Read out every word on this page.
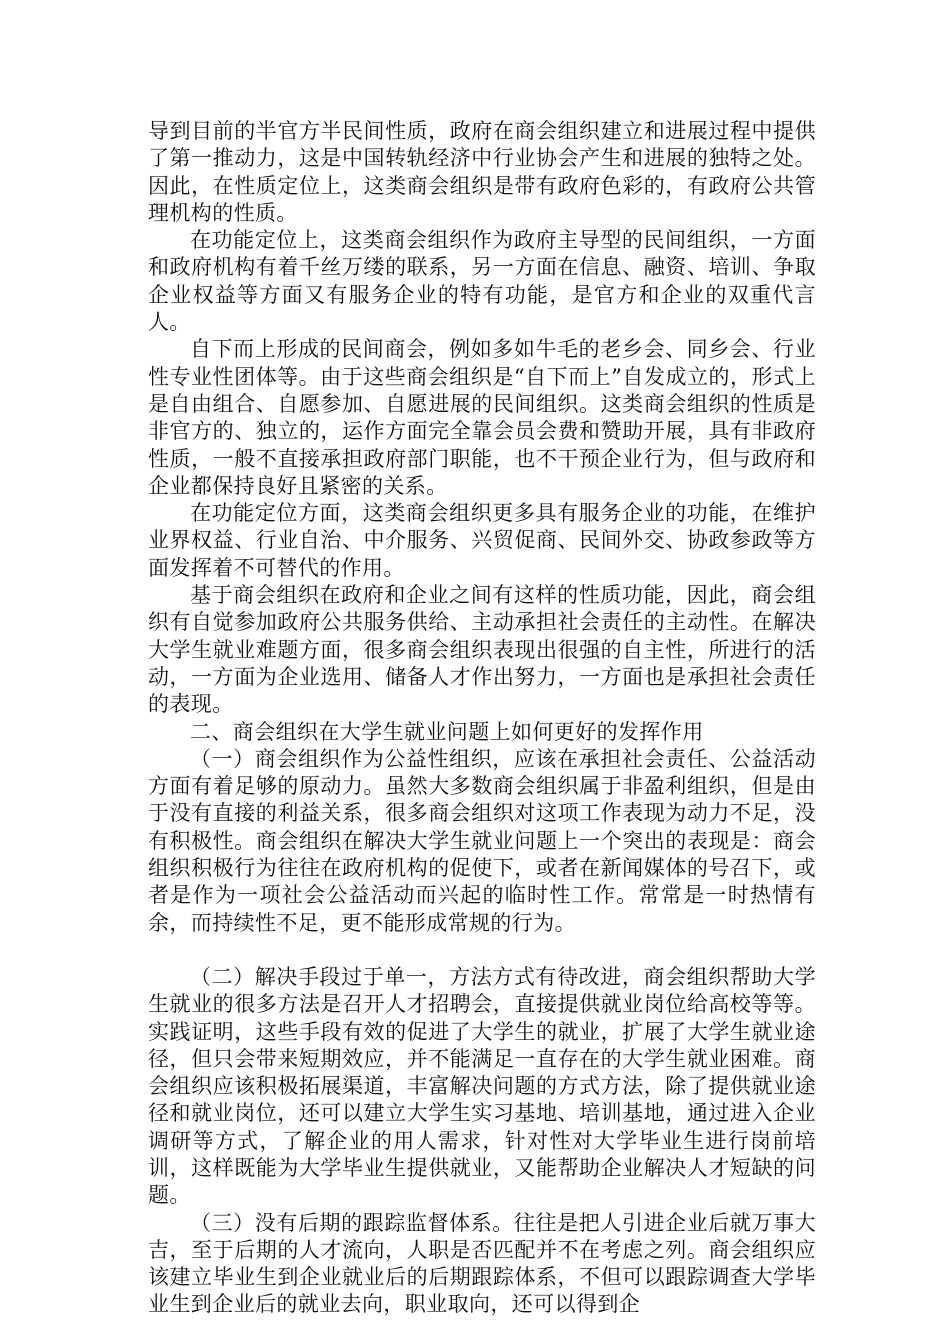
导到目前的半官方半民间性质，政府在商会组织建立和进展过程中提供了第一推动力，这是中国转轨经济中行业协会产生和进展的独特之处。因此，在性质定位上，这类商会组织是带有政府色彩的，有政府公共管理机构的性质。

在功能定位上，这类商会组织作为政府主导型的民间组织，一方面和政府机构有着千丝万缕的联系，另一方面在信息、融资、培训、争取企业权益等方面又有服务企业的特有功能，是官方和企业的双重代言人。

自下而上形成的民间商会，例如多如牛毛的老乡会、同乡会、行业性专业性团体等。由于这些商会组织是“自下而上”自发成立的，形式上是自由组合、自愿参加、自愿进展的民间组织。这类商会组织的性质是非官方的、独立的，运作方面完全靠会员会费和赞助开展，具有非政府性质，一般不直接承担政府部门职能，也不干预企业行为，但与政府和企业都保持良好且紧密的关系。

在功能定位方面，这类商会组织更多具有服务企业的功能，在维护业界权益、行业自治、中介服务、兴贸促商、民间外交、协政参政等方面发挥着不可替代的作用。

基于商会组织在政府和企业之间有这样的性质功能，因此，商会组织有自觉参加政府公共服务供给、主动承担社会责任的主动性。在解决大学生就业难题方面，很多商会组织表现出很强的自主性，所进行的活动，一方面为企业选用、储备人才作出努力，一方面也是承担社会责任的表现。

二、商会组织在大学生就业问题上如何更好的发挥作用

（一）商会组织作为公益性组织，应该在承担社会责任、公益活动方面有着足够的原动力。虽然大多数商会组织属于非盈利组织，但是由于没有直接的利益关系，很多商会组织对这项工作表现为动力不足，没有积极性。商会组织在解决大学生就业问题上一个突出的表现是：商会组织积极行为往往在政府机构的促使下，或者在新闻媒体的号召下，或者是作为一项社会公益活动而兴起的临时性工作。常常是一时热情有余，而持续性不足，更不能形成常规的行为。

（二）解决手段过于单一，方法方式有待改进，商会组织帮助大学生就业的很多方法是召开人才招聘会，直接提供就业岗位给高校等等。实践证明，这些手段有效的促进了大学生的就业，扩展了大学生就业途径，但只会带来短期效应，并不能满足一直存在的大学生就业困难。商会组织应该积极拓展渠道，丰富解决问题的方式方法，除了提供就业途径和就业岗位，还可以建立大学生实习基地、培训基地，通过进入企业调研等方式，了解企业的用人需求，针对性对大学毕业生进行岗前培训，这样既能为大学毕业生提供就业，又能帮助企业解决人才短缺的问题。

（三）没有后期的跟踪监督体系。往往是把人引进企业后就万事大吉，至于后期的人才流向，人职是否匹配并不在考虑之列。商会组织应该建立毕业生到企业就业后的后期跟踪体系，不但可以跟踪调查大学毕业生到企业后的就业去向，职业取向，还可以得到企
